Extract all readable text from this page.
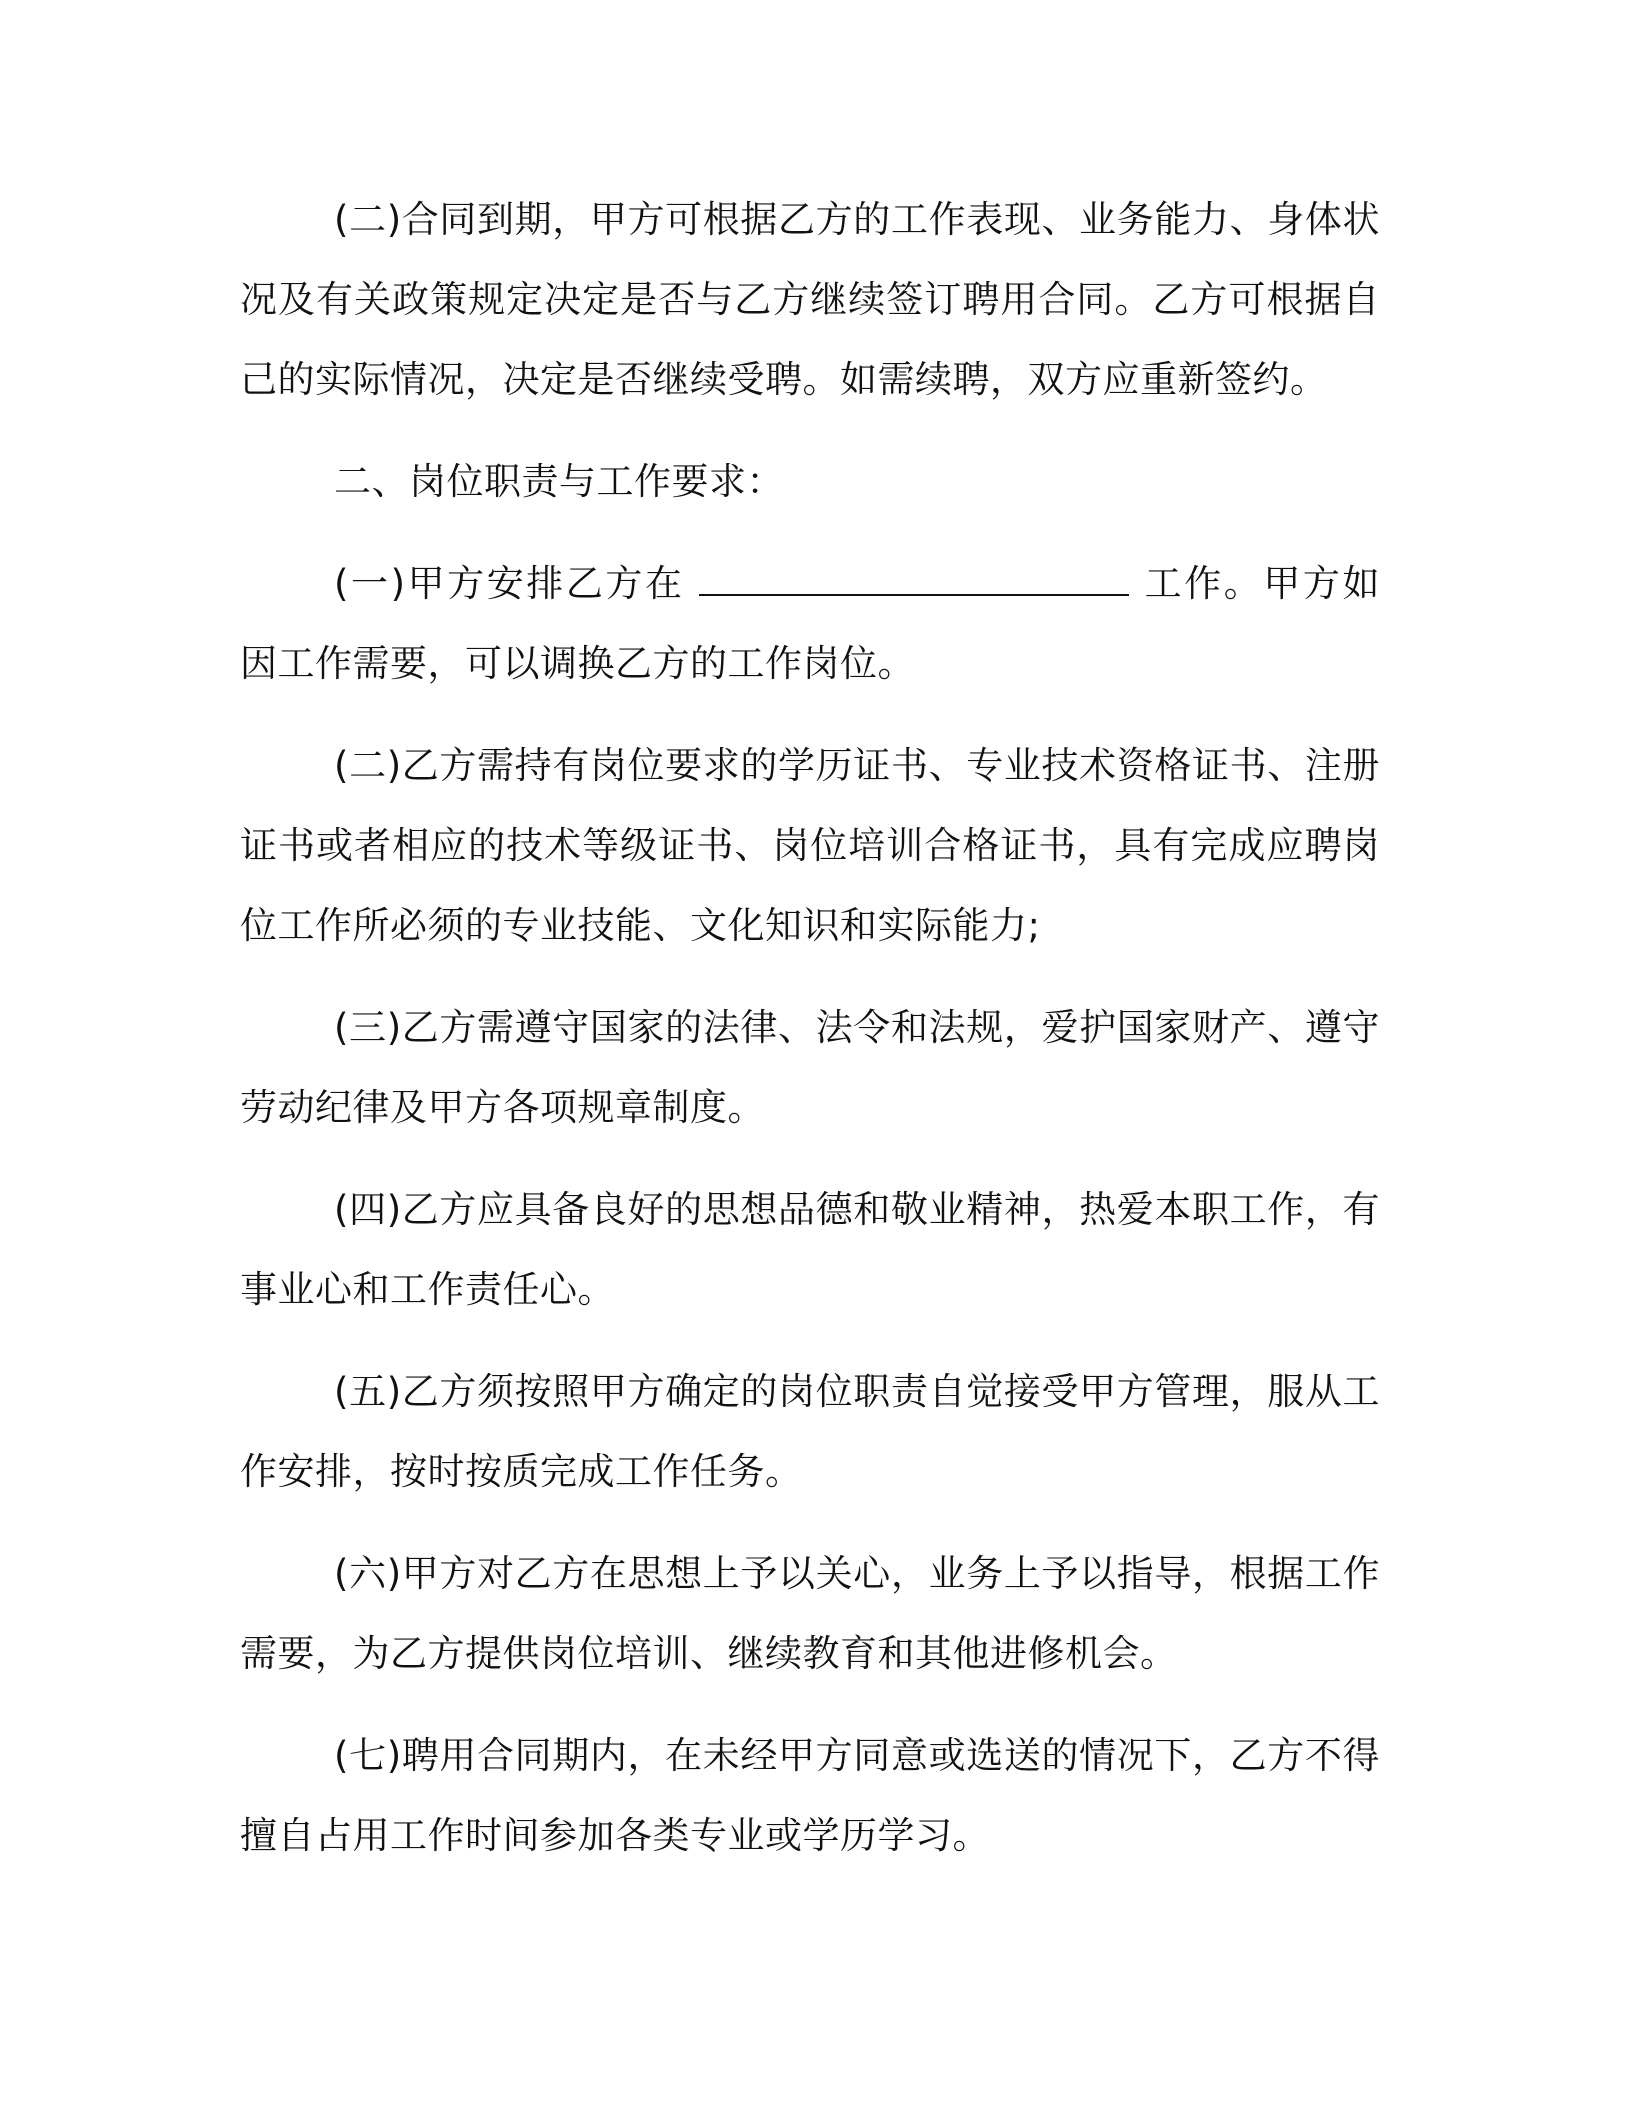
(二)合同到期，甲方可根据乙方的工作表现、业务能力、身体状况及有关政策规定决定是否与乙方继续签订聘用合同。乙方可根据自己的实际情况，决定是否继续受聘。如需续聘，双方应重新签约。

二、岗位职责与工作要求：

(一)甲方安排乙方在	工作。甲方如因工作需要，可以调换乙方的工作岗位。

(二)乙方需持有岗位要求的学历证书、专业技术资格证书、注册证书或者相应的技术等级证书、岗位培训合格证书，具有完成应聘岗位工作所必须的专业技能、文化知识和实际能力;

(三)乙方需遵守国家的法律、法令和法规，爱护国家财产、遵守劳动纪律及甲方各项规章制度。

(四)乙方应具备良好的思想品德和敬业精神，热爱本职工作，有事业心和工作责任心。

(五)乙方须按照甲方确定的岗位职责自觉接受甲方管理，服从工作安排，按时按质完成工作任务。

(六)甲方对乙方在思想上予以关心，业务上予以指导，根据工作需要，为乙方提供岗位培训、继续教育和其他进修机会。

(七)聘用合同期内，在未经甲方同意或选送的情况下，乙方不得擅自占用工作时间参加各类专业或学历学习。
